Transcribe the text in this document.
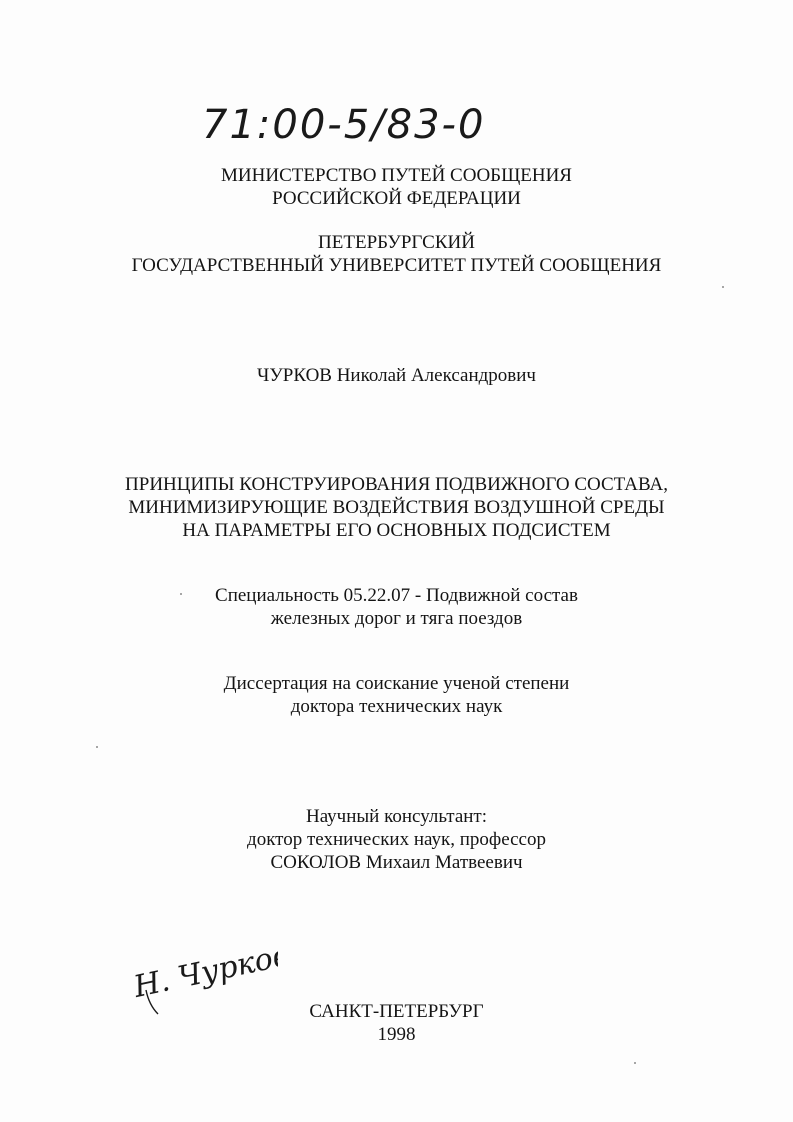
71:00-5/83-0
МИНИСТЕРСТВО ПУТЕЙ СООБЩЕНИЯ
РОССИЙСКОЙ ФЕДЕРАЦИИ
ПЕТЕРБУРГСКИЙ
ГОСУДАРСТВЕННЫЙ УНИВЕРСИТЕТ ПУТЕЙ СООБЩЕНИЯ
ЧУРКОВ Николай Александрович
ПРИНЦИПЫ КОНСТРУИРОВАНИЯ ПОДВИЖНОГО СОСТАВА,
МИНИМИЗИРУЮЩИЕ ВОЗДЕЙСТВИЯ ВОЗДУШНОЙ СРЕДЫ
НА ПАРАМЕТРЫ ЕГО ОСНОВНЫХ ПОДСИСТЕМ
Специальность 05.22.07 - Подвижной состав
железных дорог и тяга поездов
Диссертация на соискание ученой степени
доктора технических наук
Научный консультант:
доктор технических наук, профессор
СОКОЛОВ Михаил Матвеевич
Н. Чурков
САНКТ-ПЕТЕРБУРГ
1998
